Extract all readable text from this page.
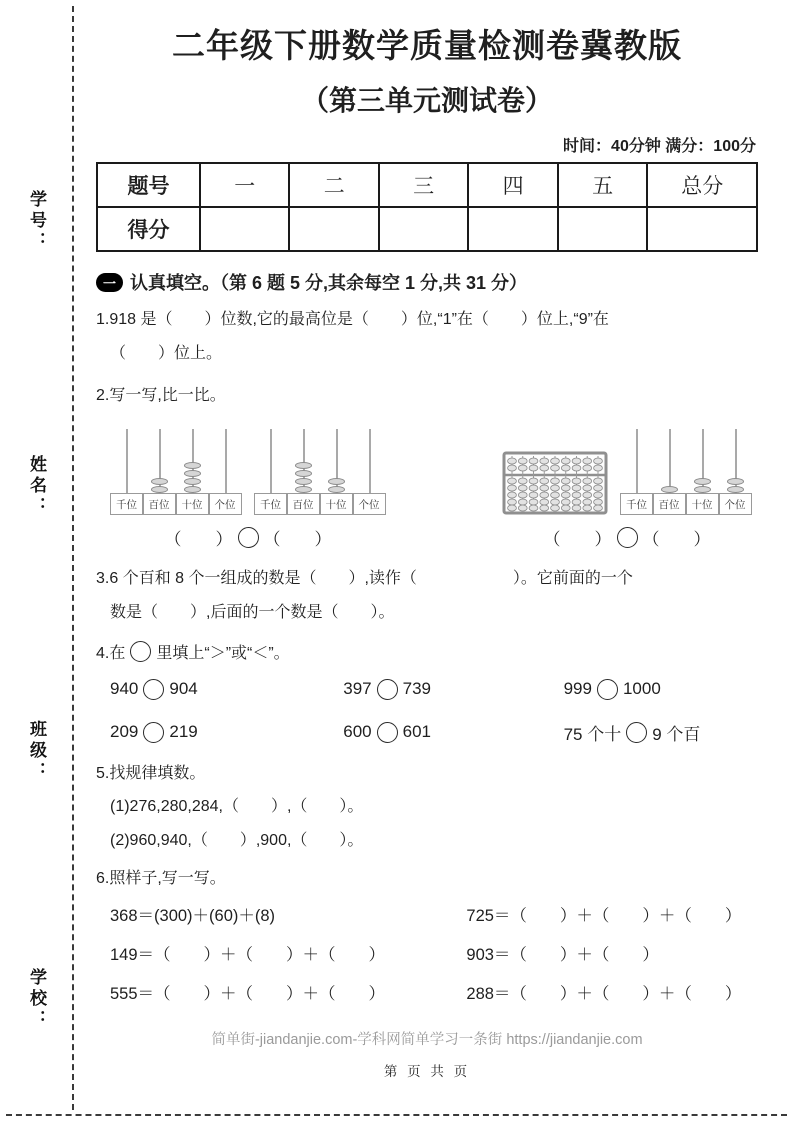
学号：
姓名：
班级：
学校：
二年级下册数学质量检测卷冀教版
（第三单元测试卷）
时间：40分钟 满分：100分
题号	一	二	三	四	五	总分
得分						
一 认真填空。（第 6 题 5 分,其余每空 1 分,共 31 分）
1.918 是（　　）位数,它的最高位是（　　）位,“1”在（　　）位上,“9”在
（　　）位上。
2.写一写,比一比。
千位	百位	十位	个位	千位	百位	十位	个位
（　　） （　　）
千位	百位	十位	个位
（　　） （　　）
3.6 个百和 8 个一组成的数是（　　）,读作（　　　　　　）。它前面的一个
数是（　　）,后面的一个数是（　　）。
4.在 里填上“＞”或“＜”。
940 904	397 739	999 1000
209 219	600 601	75 个十 9 个百
5.找规律填数。
(1)276,280,284,（　　）,（　　）。
(2)960,940,（　　）,900,（　　）。
6.照样子,写一写。
368＝(300)＋(60)＋(8)	725＝（　　）＋（　　）＋（　　）
149＝（　　）＋（　　）＋（　　）	903＝（　　）＋（　　）
555＝（　　）＋（　　）＋（　　）	288＝（　　）＋（　　）＋（　　）
简单街-jiandanjie.com-学科网简单学习一条街 https://jiandanjie.com
第 页 共 页
